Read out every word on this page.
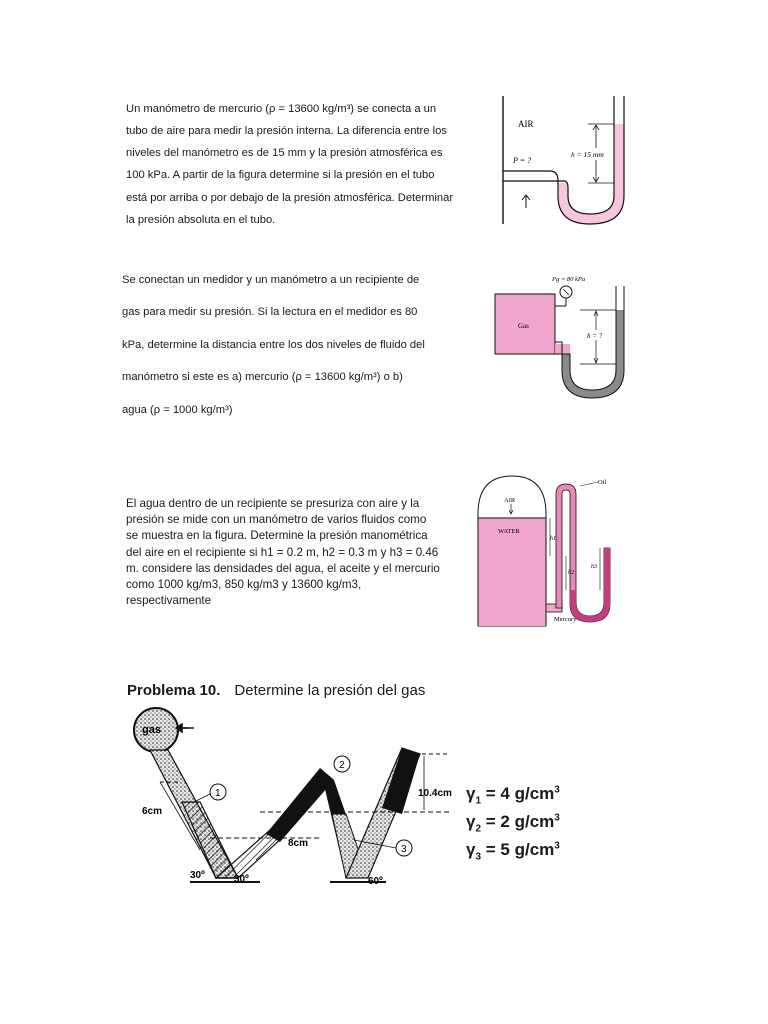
Un manómetro de mercurio (ρ = 13600 kg/m³) se conecta a un
tubo de aire para medir la presión interna. La diferencia entre los
niveles del manómetro es de 15 mm y la presión atmosférica es
100 kPa. A partir de la figura determine si la presión en el tubo
está por arriba o por debajo de la presión atmosférica. Determinar
la presión absoluta en el tubo.
AIR
P = ?
h = 15 mm
Se conectan un medidor y un manómetro a un recipiente de
gas para medir su presión. Si la lectura en el medidor es 80
kPa, determine la distancia entre los dos niveles de fluido del
manómetro si este es a) mercurio (ρ = 13600 kg/m³) o b)
agua (ρ = 1000 kg/m³)
Gas
Pg = 80 kPa
h = ?
El agua dentro de un recipiente se presuriza con aire y la
presión se mide con un manómetro de varios fluidos como
se muestra en la figura. Determine la presión manométrica
del aire en el recipiente si h1 = 0.2 m, h2 = 0.3 m y h3 = 0.46
m. considere las densidades del agua, el aceite y el mercurio
como 1000 kg/m3, 850 kg/m3 y 13600 kg/m3,
respectivamente
AIR
WATER
Oil
Mercury
h1
h2
h3
Problema 10. Determine la presión del gas
gas
6cm
8cm
10.4cm
1
2
3
30º	30º	60º
$\gamma_1 = 4$ $g/cm^3$
$\gamma_2 = 2$ $g/cm^3$
$\gamma_3 = 5$ $g/cm^3$
